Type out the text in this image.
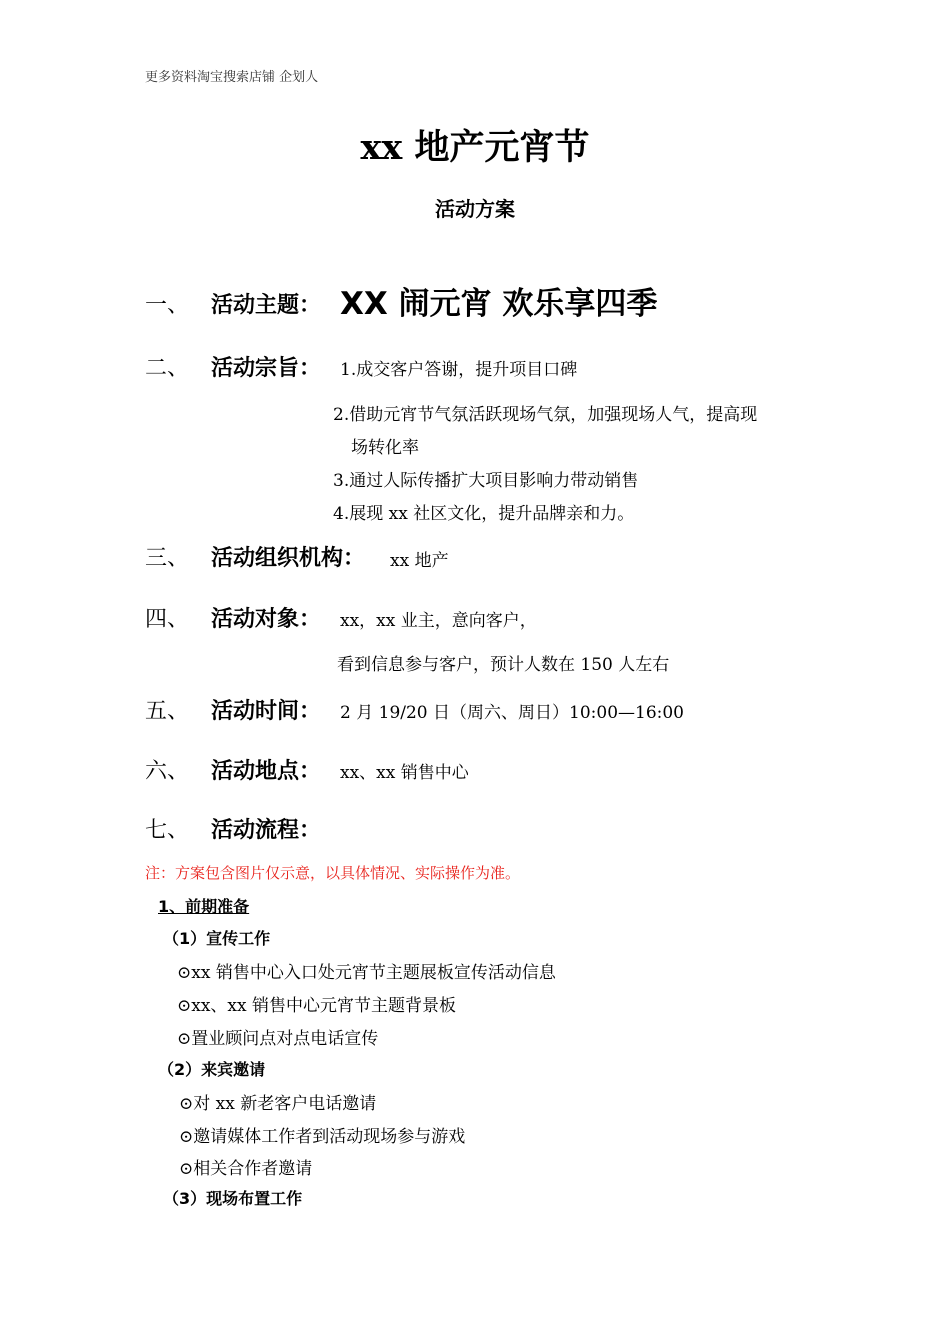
更多资料淘宝搜索店铺 企划人
xx 地产元宵节
活动方案
一、 活动主题： XX 闹元宵 欢乐享四季
二、 活动宗旨： 1.成交客户答谢，提升项目口碑
2.借助元宵节气氛活跃现场气氛，加强现场人气，提高现
场转化率
3.通过人际传播扩大项目影响力带动销售
4.展现 xx 社区文化，提升品牌亲和力。
三、 活动组织机构： xx 地产
四、 活动对象： xx，xx 业主，意向客户，
看到信息参与客户，预计人数在 150 人左右
五、 活动时间： 2 月 19/20 日（周六、周日）10:00—16:00
六、 活动地点： xx、xx 销售中心
七、 活动流程：
注：方案包含图片仅示意，以具体情况、实际操作为准。
1、前期准备
（1）宣传工作
⊙xx 销售中心入口处元宵节主题展板宣传活动信息
⊙xx、xx 销售中心元宵节主题背景板
⊙置业顾问点对点电话宣传
（2）来宾邀请
⊙对 xx 新老客户电话邀请
⊙邀请媒体工作者到活动现场参与游戏
⊙相关合作者邀请
（3）现场布置工作
